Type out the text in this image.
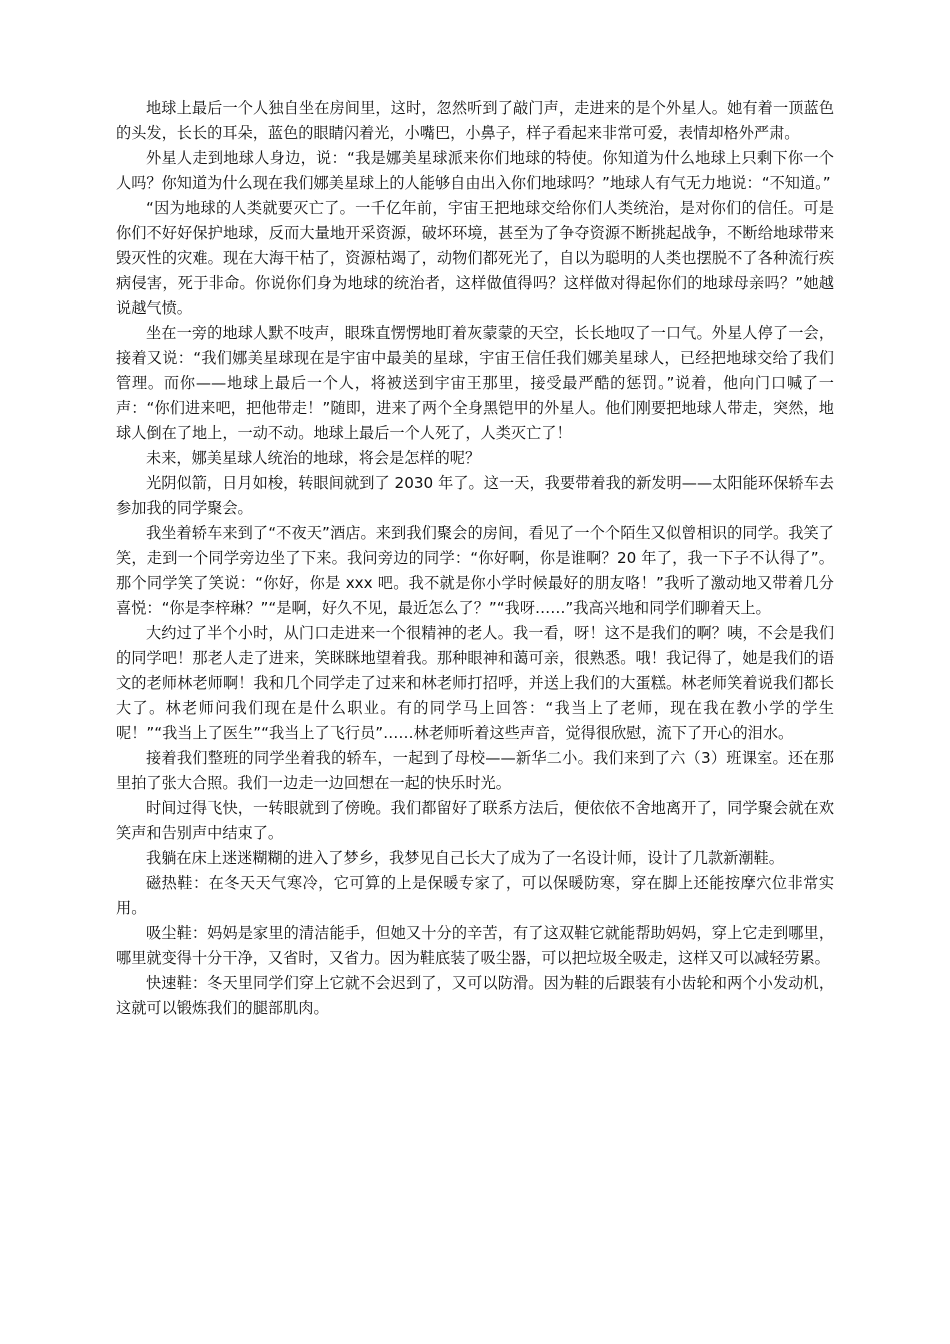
地球上最后一个人独自坐在房间里，这时，忽然听到了敲门声，走进来的是个外星人。她有着一顶蓝色的头发，长长的耳朵，蓝色的眼睛闪着光，小嘴巴，小鼻子，样子看起来非常可爱，表情却格外严肃。

外星人走到地球人身边，说：“我是娜美星球派来你们地球的特使。你知道为什么地球上只剩下你一个人吗？你知道为什么现在我们娜美星球上的人能够自由出入你们地球吗？”地球人有气无力地说：“不知道。”

“因为地球的人类就要灭亡了。一千亿年前，宇宙王把地球交给你们人类统治，是对你们的信任。可是你们不好好保护地球，反而大量地开采资源，破坏环境，甚至为了争夺资源不断挑起战争，不断给地球带来毁灭性的灾难。现在大海干枯了，资源枯竭了，动物们都死光了，自以为聪明的人类也摆脱不了各种流行疾病侵害，死于非命。你说你们身为地球的统治者，这样做值得吗？这样做对得起你们的地球母亲吗？”她越说越气愤。

坐在一旁的地球人默不吱声，眼珠直愣愣地盯着灰蒙蒙的天空，长长地叹了一口气。外星人停了一会，接着又说：“我们娜美星球现在是宇宙中最美的星球，宇宙王信任我们娜美星球人，已经把地球交给了我们管理。而你——地球上最后一个人，将被送到宇宙王那里，接受最严酷的惩罚。”说着，他向门口喊了一声：“你们进来吧，把他带走！”随即，进来了两个全身黑铠甲的外星人。他们刚要把地球人带走，突然，地球人倒在了地上，一动不动。地球上最后一个人死了，人类灭亡了！

未来，娜美星球人统治的地球，将会是怎样的呢？

光阴似箭，日月如梭，转眼间就到了 2030 年了。这一天，我要带着我的新发明——太阳能环保轿车去参加我的同学聚会。

我坐着轿车来到了“不夜天”酒店。来到我们聚会的房间，看见了一个个陌生又似曾相识的同学。我笑了笑，走到一个同学旁边坐了下来。我问旁边的同学：“你好啊，你是谁啊？20 年了，我一下子不认得了”。那个同学笑了笑说：“你好，你是 xxx 吧。我不就是你小学时候最好的朋友咯！”我听了激动地又带着几分喜悦：“你是李梓琳？”“是啊，好久不见，最近怎么了？”“我呀……”我高兴地和同学们聊着天上。

大约过了半个小时，从门口走进来一个很精神的老人。我一看，呀！这不是我们的啊？咦，不会是我们的同学吧！那老人走了进来，笑眯眯地望着我。那种眼神和蔼可亲，很熟悉。哦！我记得了，她是我们的语文的老师林老师啊！我和几个同学走了过来和林老师打招呼，并送上我们的大蛋糕。林老师笑着说我们都长大了。林老师问我们现在是什么职业。有的同学马上回答：“我当上了老师，现在我在教小学的学生呢！”“我当上了医生”“我当上了飞行员”……林老师听着这些声音，觉得很欣慰，流下了开心的泪水。

接着我们整班的同学坐着我的轿车，一起到了母校——新华二小。我们来到了六（3）班课室。还在那里拍了张大合照。我们一边走一边回想在一起的快乐时光。

时间过得飞快，一转眼就到了傍晚。我们都留好了联系方法后，便依依不舍地离开了，同学聚会就在欢笑声和告别声中结束了。

我躺在床上迷迷糊糊的进入了梦乡，我梦见自己长大了成为了一名设计师，设计了几款新潮鞋。

磁热鞋：在冬天天气寒冷，它可算的上是保暖专家了，可以保暖防寒，穿在脚上还能按摩穴位非常实用。

吸尘鞋：妈妈是家里的清洁能手，但她又十分的辛苦，有了这双鞋它就能帮助妈妈，穿上它走到哪里，哪里就变得十分干净，又省时，又省力。因为鞋底装了吸尘器，可以把垃圾全吸走，这样又可以减轻劳累。

快速鞋：冬天里同学们穿上它就不会迟到了，又可以防滑。因为鞋的后跟装有小齿轮和两个小发动机，这就可以锻炼我们的腿部肌肉。
